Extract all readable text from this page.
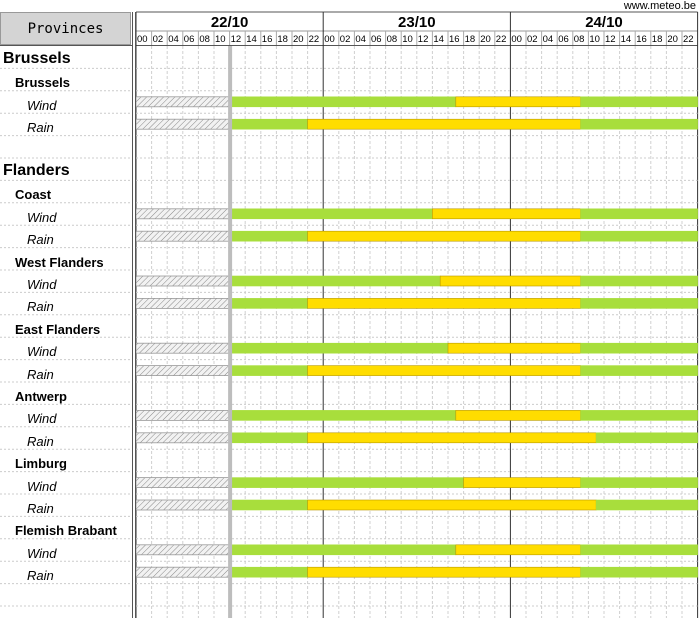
www.meteo.be
Provinces
Brussels
Brussels
Wind
Rain
Flanders
Coast
Wind
Rain
West Flanders
Wind
Rain
East Flanders
Wind
Rain
Antwerp
Wind
Rain
Limburg
Wind
Rain
Flemish Brabant
Wind
Rain
22/10
00 02 04 06 08 10 12 14 16 18 20 22
23/10
00 02 04 06 08 10 12 14 16 18 20 22
24/10
00 02 04 06 08 10 12 14 16 18 20 22
